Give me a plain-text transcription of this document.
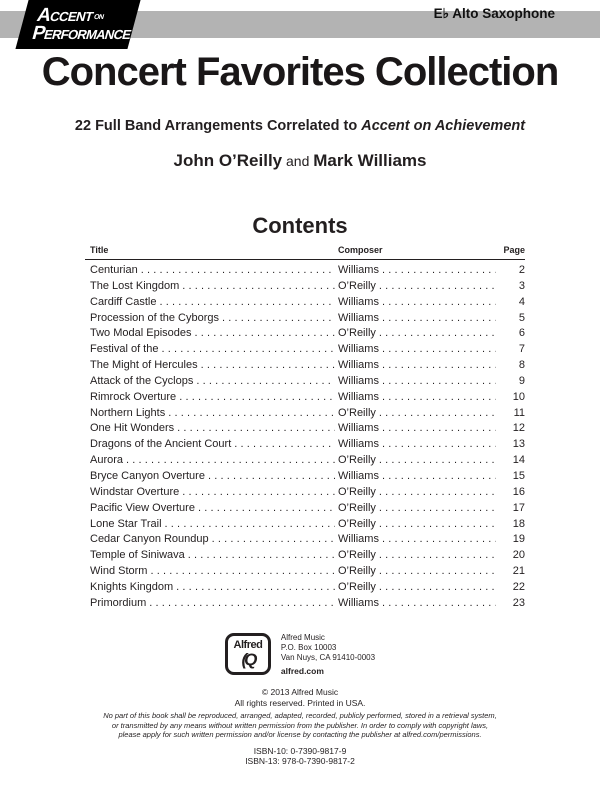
E♭ Alto Saxophone
ACCENT ON
PERFORMANCE
Concert Favorites Collection
22 Full Band Arrangements Correlated to Accent on Achievement
John O’Reilly and Mark Williams
Contents
Title	Composer	Page
Centurian .....	Williams .....	2
The Lost Kingdom .....	O’Reilly .....	3
Cardiff Castle .....	Williams .....	4
Procession of the Cyborgs .....	Williams .....	5
Two Modal Episodes .....	O’Reilly .....	6
Festival of the .....	Williams .....	7
The Might of Hercules .....	Williams .....	8
Attack of the Cyclops .....	Williams .....	9
Rimrock Overture .....	Williams .....	10
Northern Lights .....	O’Reilly .....	11
One Hit Wonders .....	Williams .....	12
Dragons of the Ancient Court .....	Williams .....	13
Aurora .....	O’Reilly .....	14
Bryce Canyon Overture .....	Williams .....	15
Windstar Overture .....	O’Reilly .....	16
Pacific View Overture .....	O’Reilly .....	17
Lone Star Trail .....	O’Reilly .....	18
Cedar Canyon Roundup .....	Williams .....	19
Temple of Siniwava .....	O’Reilly .....	20
Wind Storm .....	O’Reilly .....	21
Knights Kingdom .....	O’Reilly .....	22
Primordium .....	Williams .....	23
Alfred
(Q
Alfred Music
P.O. Box 10003
Van Nuys, CA 91410-0003
alfred.com
© 2013 Alfred Music
All rights reserved. Printed in USA.
No part of this book shall be reproduced, arranged, adapted, recorded, publicly performed, stored in a retrieval system,
or transmitted by any means without written permission from the publisher. In order to comply with copyright laws,
please apply for such written permission and/or license by contacting the publisher at alfred.com/permissions.
ISBN-10: 0-7390-9817-9
ISBN-13: 978-0-7390-9817-2
